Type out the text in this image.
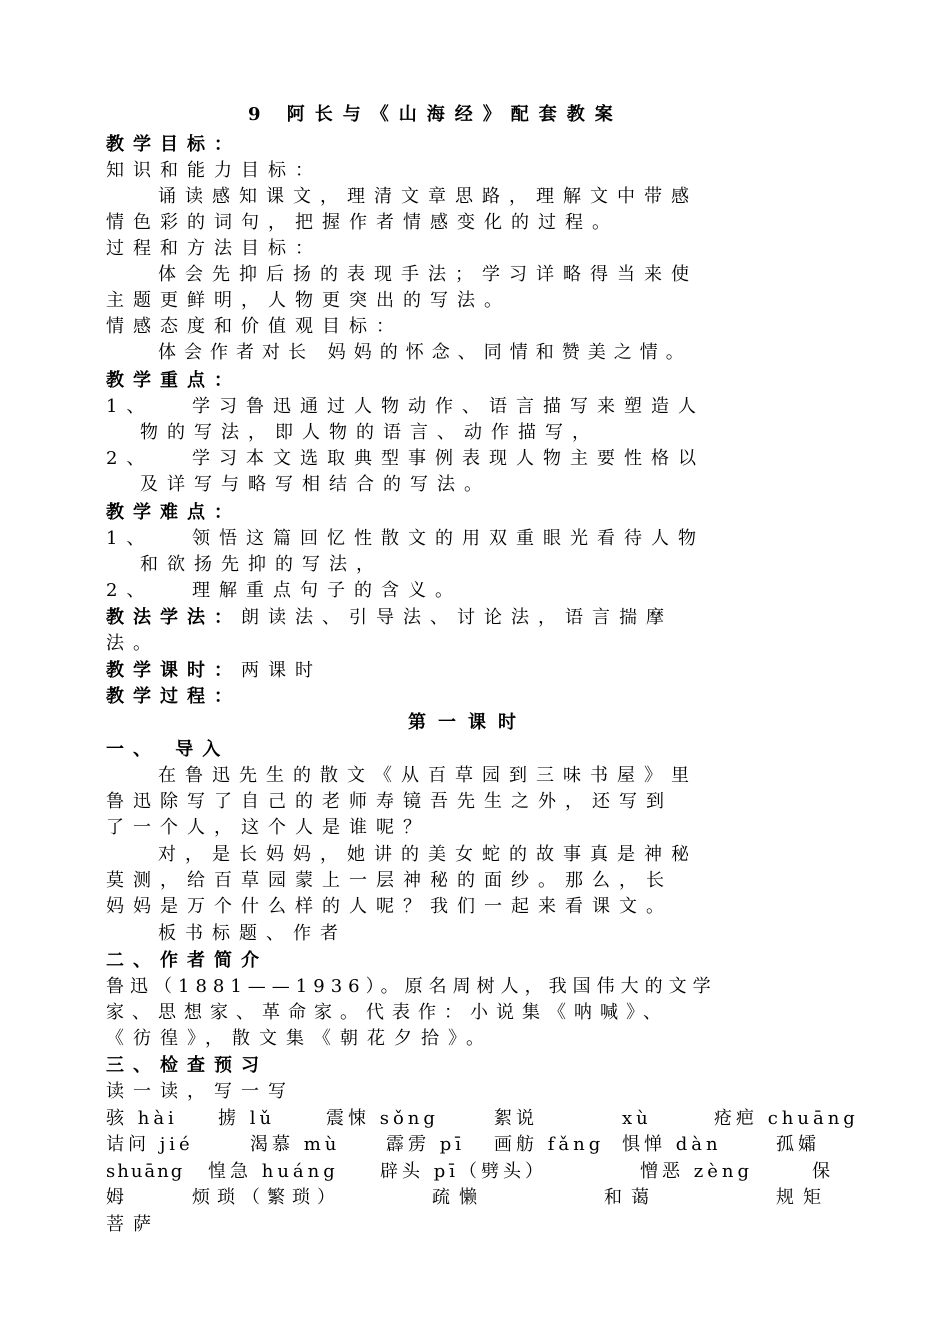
9 阿长与《山海经》配套教案
教学目标：
知识和能力目标：
诵读感知课文，理清文章思路，理解文中带感
情色彩的词句，把握作者情感变化的过程。
过程和方法目标：
体会先抑后扬的表现手法；学习详略得当来使
主题更鲜明，人物更突出的写法。
情感态度和价值观目标：
体会作者对长 妈妈的怀念、同情和赞美之情。
教学重点：
1、 学习鲁迅通过人物动作、语言描写来塑造人
物的写法，即人物的语言、动作描写，
2、 学习本文选取典型事例表现人物主要性格以
及详写与略写相结合的写法。
教学难点：
1、 领悟这篇回忆性散文的用双重眼光看待人物
和欲扬先抑的写法，
2、 理解重点句子的含义。
教法学法：朗读法、引导法、讨论法，语言揣摩
法。
教学课时：两课时
教学过程：
第一课时
一、 导入
在鲁迅先生的散文《从百草园到三味书屋》里
鲁迅除写了自己的老师寿镜吾先生之外，还写到
了一个人，这个人是谁呢？
对，是长妈妈，她讲的美女蛇的故事真是神秘
莫测，给百草园蒙上一层神秘的面纱。那么，长
妈妈是万个什么样的人呢？我们一起来看课文。
板书标题、作者
二、作者简介
鲁迅（1881——1936）。原名周树人，我国伟大的文学
家、思想家、革命家。代表作：小说集《呐喊》、
《彷徨》，散文集《朝花夕拾》。
三、检查预习
读一读，写一写
骇 hài 掳 lǔ	震悚 sǒng	絮说	xù	疮疤 chuāng
诘问 jié	渴慕 mù	霹雳 pī 画舫 fǎng 惧惮 dàn	孤孀
shuāng 惶急 huáng 辟头 pī（劈头）	憎恶 zèng	保
姆	烦琐（繁琐）	疏懒	和蔼	规矩
菩萨
